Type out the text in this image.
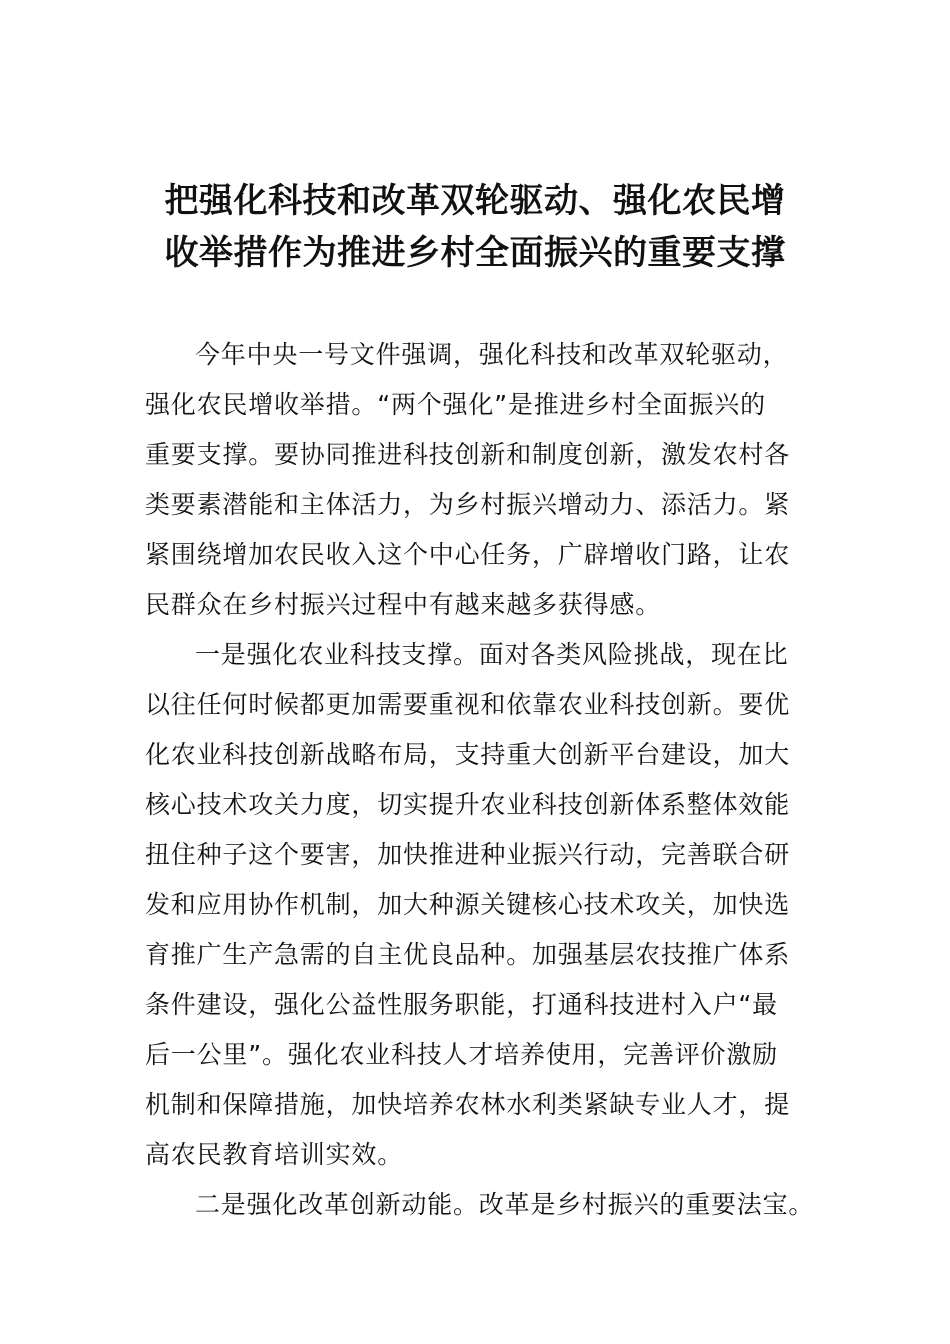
把强化科技和改革双轮驱动、强化农民增
收举措作为推进乡村全面振兴的重要支撑
今年中央一号文件强调，强化科技和改革双轮驱动，
强化农民增收举措。“两个强化”是推进乡村全面振兴的
重要支撑。要协同推进科技创新和制度创新，激发农村各
类要素潜能和主体活力，为乡村振兴增动力、添活力。紧
紧围绕增加农民收入这个中心任务，广辟增收门路，让农
民群众在乡村振兴过程中有越来越多获得感。
一是强化农业科技支撑。面对各类风险挑战，现在比
以往任何时候都更加需要重视和依靠农业科技创新。要优
化农业科技创新战略布局，支持重大创新平台建设，加大
核心技术攻关力度，切实提升农业科技创新体系整体效能
扭住种子这个要害，加快推进种业振兴行动，完善联合研
发和应用协作机制，加大种源关键核心技术攻关，加快选
育推广生产急需的自主优良品种。加强基层农技推广体系
条件建设，强化公益性服务职能，打通科技进村入户“最
后一公里”。强化农业科技人才培养使用，完善评价激励
机制和保障措施，加快培养农林水利类紧缺专业人才，提
高农民教育培训实效。
二是强化改革创新动能。改革是乡村振兴的重要法宝。
